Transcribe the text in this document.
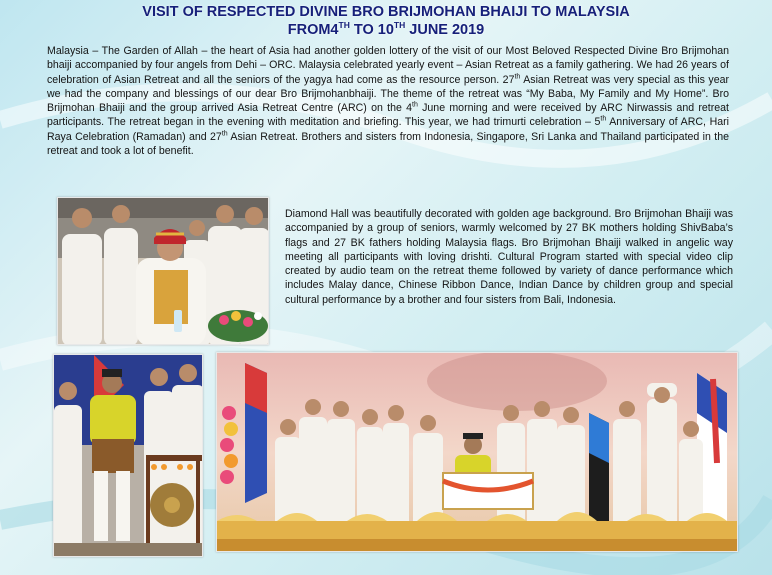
VISIT OF RESPECTED DIVINE BRO BRIJMOHAN BHAIJI TO MALAYSIA
FROM4TH TO 10TH JUNE 2019

Malaysia – The Garden of Allah – the heart of Asia had another golden lottery of the visit of our Most Beloved Respected Divine Bro Brijmohan bhaiji accompanied by four angels from Dehi – ORC. Malaysia celebrated yearly event – Asian Retreat as a family gathering. We had 26 years of celebration of Asian Retreat and all the seniors of the yagya had come as the resource person. 27th Asian Retreat was very special as this year we had the company and blessings of our dear Bro Brijmohanbhaiji. The theme of the retreat was “My Baba, My Family and My Home”. Bro Brijmohan Bhaiji and the group arrived Asia Retreat Centre (ARC) on the 4th June morning and were received by ARC Nirwassis and retreat participants. The retreat began in the evening with meditation and briefing. This year, we had trimurti celebration – 5th Anniversary of ARC, Hari Raya Celebration (Ramadan) and 27th Asian Retreat. Brothers and sisters from Indonesia, Singapore, Sri Lanka and Thailand participated in the retreat and took a lot of benefit.

Diamond Hall was beautifully decorated with golden age background. Bro Brijmohan Bhaiji was accompanied by a group of seniors, warmly welcomed by 27 BK mothers holding ShivBaba’s flags and 27 BK fathers holding Malaysia flags. Bro Brijmohan Bhaiji walked in angelic way meeting all participants with loving drishti. Cultural Program started with special video clip created by audio team on the retreat theme followed by variety of dance performance which includes Malay dance, Chinese Ribbon Dance, Indian Dance by children group and special cultural performance by a brother and four sisters from Bali, Indonesia.
